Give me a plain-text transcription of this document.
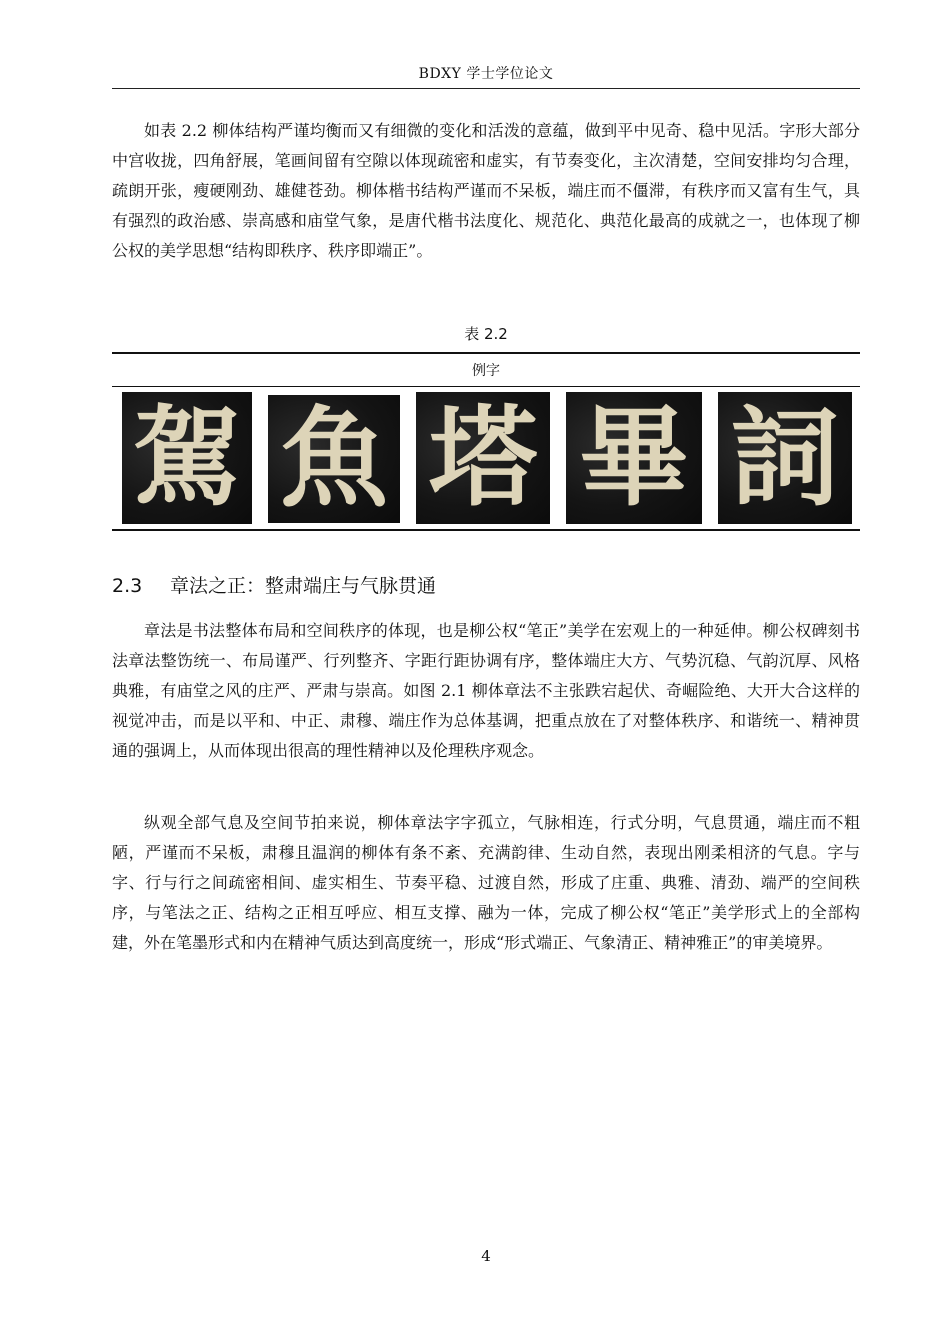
BDXY 学士学位论文

如表 2.2 柳体结构严谨均衡而又有细微的变化和活泼的意蕴，做到平中见奇、稳中见活。字形大部分中宫收拢，四角舒展，笔画间留有空隙以体现疏密和虚实，有节奏变化，主次清楚，空间安排均匀合理，疏朗开张，瘦硬刚劲、雄健苍劲。柳体楷书结构严谨而不呆板，端庄而不僵滞，有秩序而又富有生气，具有强烈的政治感、崇高感和庙堂气象，是唐代楷书法度化、规范化、典范化最高的成就之一，也体现了柳公权的美学思想“结构即秩序、秩序即端正”。

表 2.2
例字
駕 魚 塔 畢 詞
2.3 章法之正：整肃端庄与气脉贯通

章法是书法整体布局和空间秩序的体现，也是柳公权“笔正”美学在宏观上的一种延伸。柳公权碑刻书法章法整饬统一、布局谨严、行列整齐、字距行距协调有序，整体端庄大方、气势沉稳、气韵沉厚、风格典雅，有庙堂之风的庄严、严肃与崇高。如图 2.1 柳体章法不主张跌宕起伏、奇崛险绝、大开大合这样的视觉冲击，而是以平和、中正、肃穆、端庄作为总体基调，把重点放在了对整体秩序、和谐统一、精神贯通的强调上，从而体现出很高的理性精神以及伦理秩序观念。

纵观全部气息及空间节拍来说，柳体章法字字孤立，气脉相连，行式分明，气息贯通，端庄而不粗陋，严谨而不呆板，肃穆且温润的柳体有条不紊、充满韵律、生动自然，表现出刚柔相济的气息。字与字、行与行之间疏密相间、虚实相生、节奏平稳、过渡自然，形成了庄重、典雅、清劲、端严的空间秩序，与笔法之正、结构之正相互呼应、相互支撑、融为一体，完成了柳公权“笔正”美学形式上的全部构建，外在笔墨形式和内在精神气质达到高度统一，形成“形式端正、气象清正、精神雅正”的审美境界。

4
